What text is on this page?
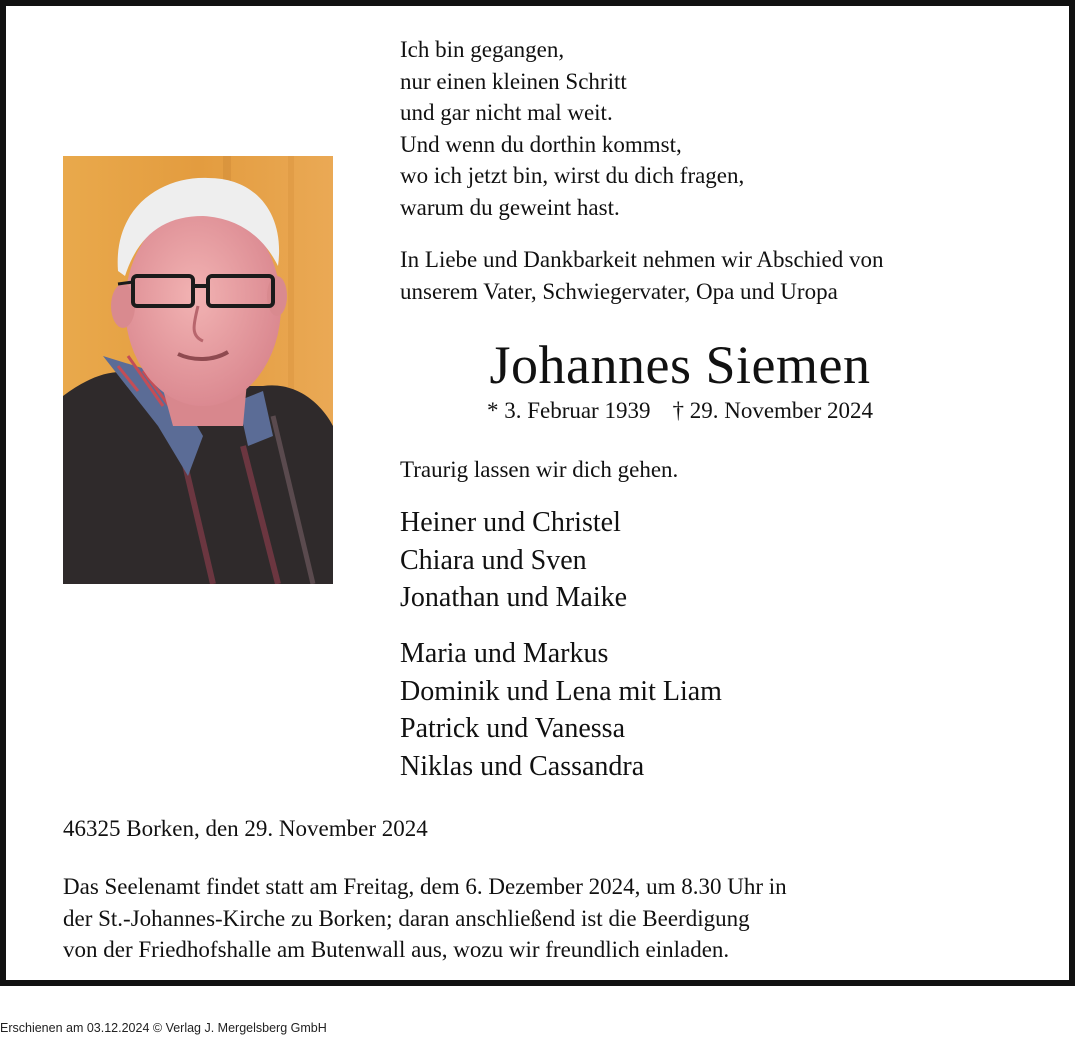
Ich bin gegangen,
nur einen kleinen Schritt
und gar nicht mal weit.
Und wenn du dorthin kommst,
wo ich jetzt bin, wirst du dich fragen,
warum du geweint hast.
In Liebe und Dankbarkeit nehmen wir Abschied von
unserem Vater, Schwiegervater, Opa und Uropa
Johannes Siemen
* 3. Februar 1939 † 29. November 2024
Traurig lassen wir dich gehen.
Heiner und Christel
Chiara und Sven
Jonathan und Maike
Maria und Markus
Dominik und Lena mit Liam
Patrick und Vanessa
Niklas und Cassandra
46325 Borken, den 29. November 2024
Das Seelenamt findet statt am Freitag, dem 6. Dezember 2024, um 8.30 Uhr in
der St.-Johannes-Kirche zu Borken; daran anschließend ist die Beerdigung
von der Friedhofshalle am Butenwall aus, wozu wir freundlich einladen.
Erschienen am 03.12.2024 © Verlag J. Mergelsberg GmbH
